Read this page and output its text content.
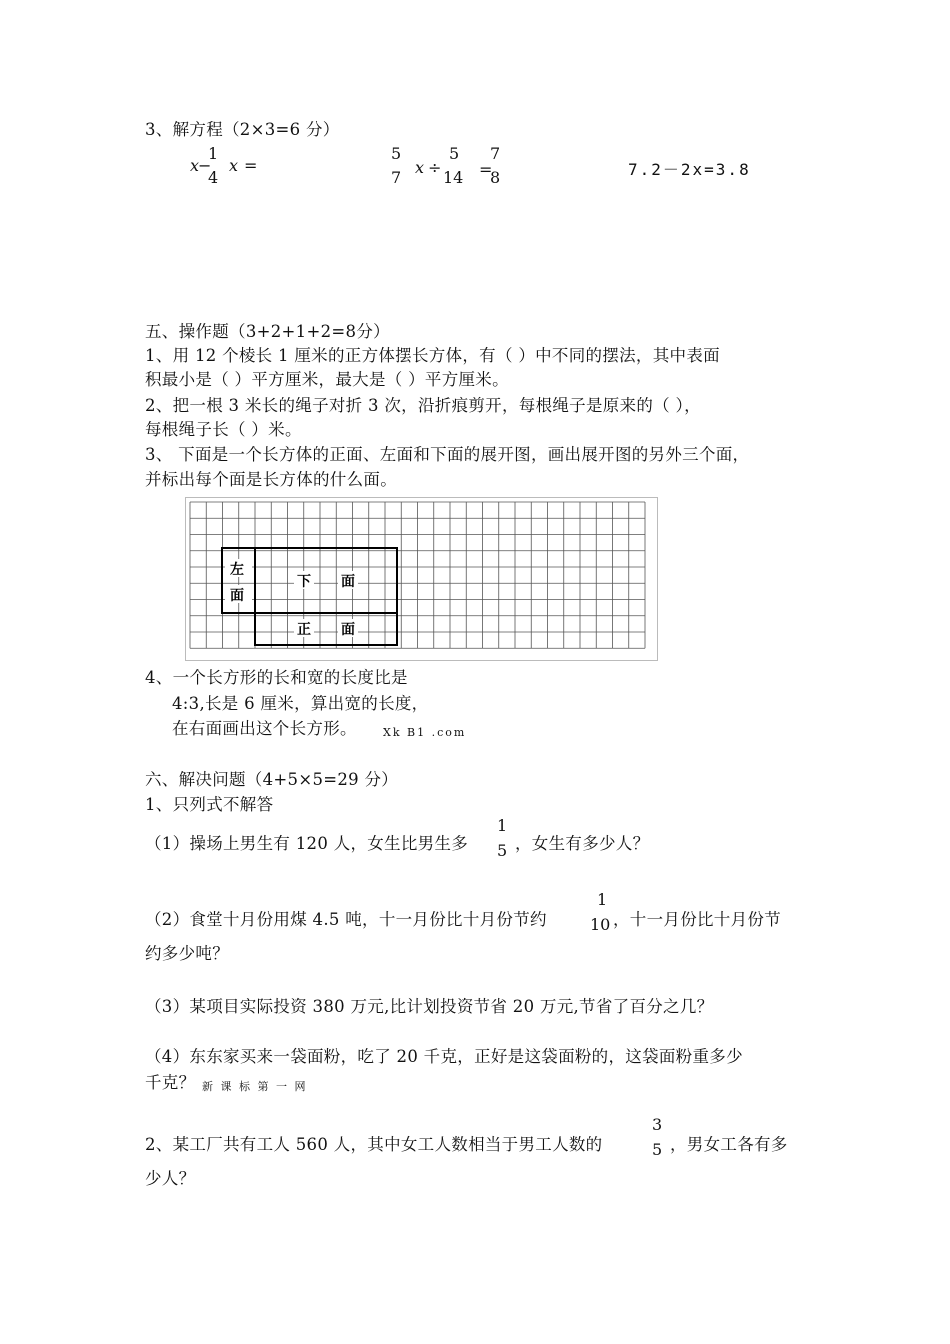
3、解方程（2×3=6 分）
x
−
1
4
x =
5
7
x ÷
5
14 =
7
8	7.2－2x=3.8
五、操作题（3+2+1+2=8分）
1、用 12 个棱长 1 厘米的正方体摆长方体，有（ ）中不同的摆法，其中表面
积最小是（ ）平方厘米，最大是（ ）平方厘米。
2、把一根 3 米长的绳子对折 3 次，沿折痕剪开，每根绳子是原来的（ ），
每根绳子长（ ）米。
3、 下面是一个长方体的正面、左面和下面的展开图，画出展开图的另外三个面，
并标出每个面是长方体的什么面。
左
面
下 面
正 面
4、一个长方形的长和宽的长度比是
4:3,长是 6 厘米，算出宽的长度，
在右面画出这个长方形。 Xk B1 .com
六、解决问题（4+5×5=29 分）
1、只列式不解答
（1）操场上男生有 120 人，女生比男生多
1
5 ，女生有多少人？
（2）食堂十月份用煤 4.5 吨，十一月份比十月份节约
1
10 ，十一月份比十月份节
约多少吨？
（3）某项目实际投资 380 万元,比计划投资节省 20 万元,节省了百分之几？
（4）东东家买来一袋面粉，吃了 20 千克，正好是这袋面粉的，这袋面粉重多少
千克？ 新 课 标 第 一 网
2、某工厂共有工人 560 人，其中女工人数相当于男工人数的
3
5 ，男女工各有多
少人？
